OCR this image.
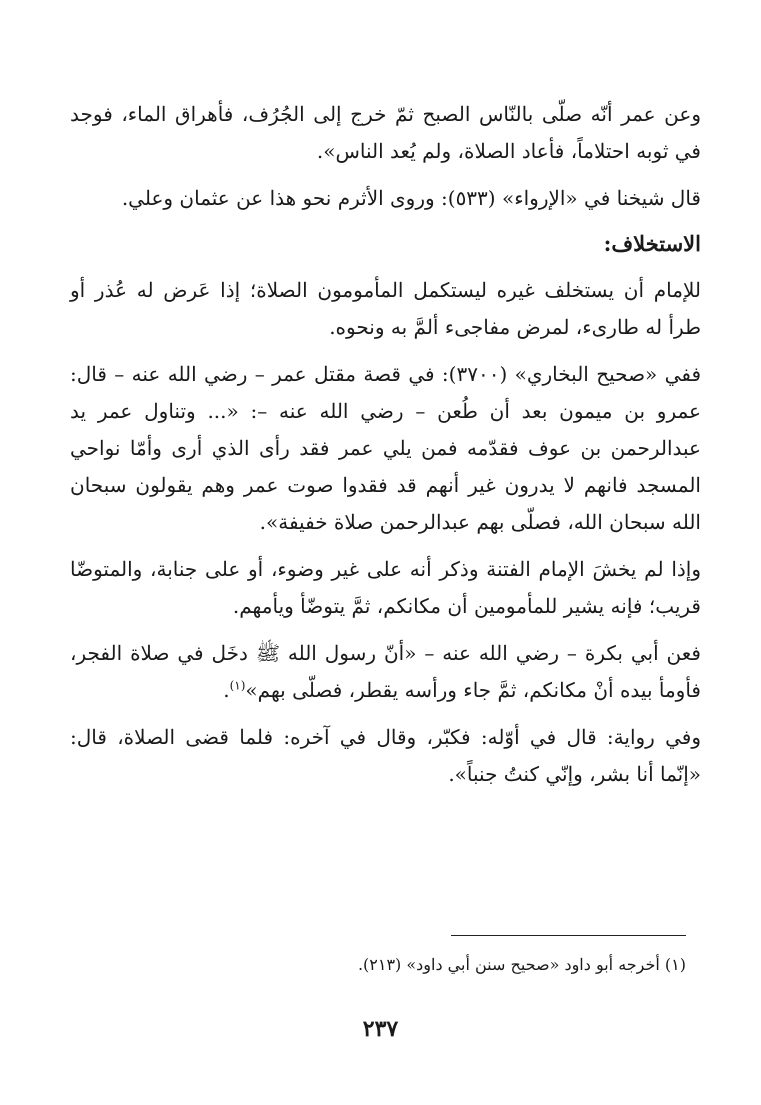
وعن عمر أنّه صلّى بالنّاس الصبح ثمّ خرج إلى الجُرُف، فأهراق الماء، فوجد في ثوبه احتلاماً، فأعاد الصلاة، ولم يُعد الناس».

قال شيخنا في «الإرواء» (٥٣٣): وروى الأثرم نحو هذا عن عثمان وعلي.

الاستخلاف:

للإمام أن يستخلف غيره ليستكمل المأمومون الصلاة؛ إذا عَرض له عُذر أو طرأ له طارىء، لمرض مفاجىء ألمَّ به ونحوه.

ففي «صحيح البخاري» (٣٧٠٠): في قصة مقتل عمر – رضي الله عنه – قال: عمرو بن ميمون بعد أن طُعن – رضي الله عنه –: «... وتناول عمر يد عبدالرحمن بن عوف فقدّمه فمن يلي عمر فقد رأى الذي أرى وأمّا نواحي المسجد فانهم لا يدرون غير أنهم قد فقدوا صوت عمر وهم يقولون سبحان الله سبحان الله، فصلّى بهم عبدالرحمن صلاة خفيفة».

وإذا لم يخشَ الإمام الفتنة وذكر أنه على غير وضوء، أو على جنابة، والمتوضّا قريب؛ فإنه يشير للمأمومين أن مكانكم، ثمَّ يتوضّأ ويأمهم.

فعن أبي بكرة – رضي الله عنه – «أنّ رسول الله ﷺ دخَل في صلاة الفجر، فأومأ بيده أنْ مكانكم، ثمَّ جاء ورأسه يقطر، فصلّى بهم»$^{(١)}$.

وفي رواية: قال في أوّله: فكبّر، وقال في آخره: فلما قضى الصلاة، قال: «إنّما أنا بشر، وإنّي كنتُ جنباً».

(١) أخرجه أبو داود «صحيح سنن أبي داود» (٢١٣).

٢٣٧
